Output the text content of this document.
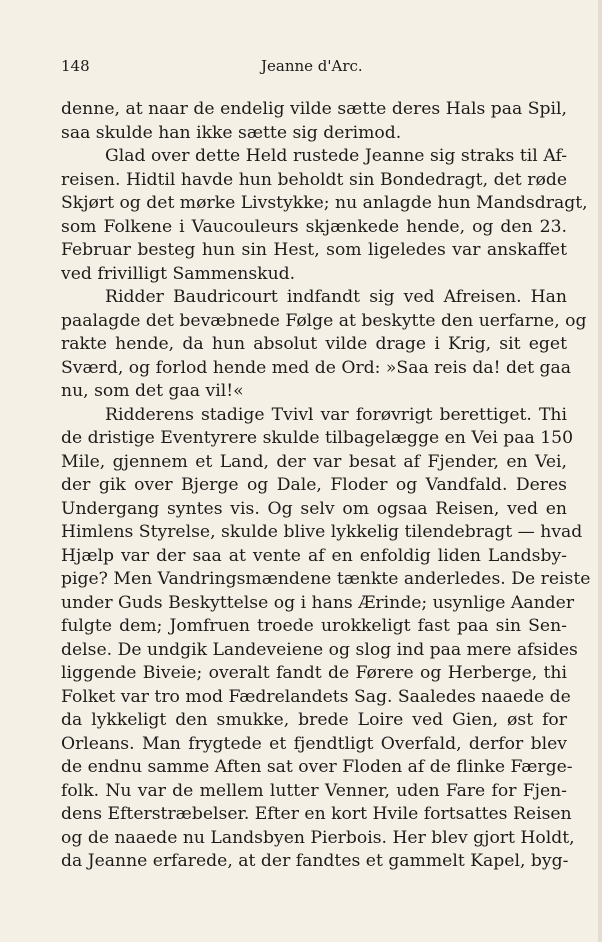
148	Jeanne d'Arc.
denne, at naar de endelig vilde sætte deres Hals paa Spil,
saa skulde han ikke sætte sig derimod.
Glad over dette Held rustede Jeanne sig straks til Af-
reisen. Hidtil havde hun beholdt sin Bondedragt, det røde
Skjørt og det mørke Livstykke; nu anlagde hun Mandsdragt,
som Folkene i Vaucouleurs skjænkede hende, og den 23.
Februar besteg hun sin Hest, som ligeledes var anskaffet
ved frivilligt Sammenskud.
Ridder Baudricourt indfandt sig ved Afreisen. Han
paalagde det bevæbnede Følge at beskytte den uerfarne, og
rakte hende, da hun absolut vilde drage i Krig, sit eget
Sværd, og forlod hende med de Ord: »Saa reis da! det gaa
nu, som det gaa vil!«
Ridderens stadige Tvivl var forøvrigt berettiget. Thi
de dristige Eventyrere skulde tilbagelægge en Vei paa 150
Mile, gjennem et Land, der var besat af Fjender, en Vei,
der gik over Bjerge og Dale, Floder og Vandfald. Deres
Undergang syntes vis. Og selv om ogsaa Reisen, ved en
Himlens Styrelse, skulde blive lykkelig tilendebragt — hvad
Hjælp var der saa at vente af en enfoldig liden Landsby-
pige? Men Vandringsmændene tænkte anderledes. De reiste
under Guds Beskyttelse og i hans Ærinde; usynlige Aander
fulgte dem; Jomfruen troede urokkeligt fast paa sin Sen-
delse. De undgik Landeveiene og slog ind paa mere afsides
liggende Biveie; overalt fandt de Førere og Herberge, thi
Folket var tro mod Fædrelandets Sag. Saaledes naaede de
da lykkeligt den smukke, brede Loire ved Gien, øst for
Orleans. Man frygtede et fjendtligt Overfald, derfor blev
de endnu samme Aften sat over Floden af de flinke Færge-
folk. Nu var de mellem lutter Venner, uden Fare for Fjen-
dens Efterstræbelser. Efter en kort Hvile fortsattes Reisen
og de naaede nu Landsbyen Pierbois. Her blev gjort Holdt,
da Jeanne erfarede, at der fandtes et gammelt Kapel, byg-
